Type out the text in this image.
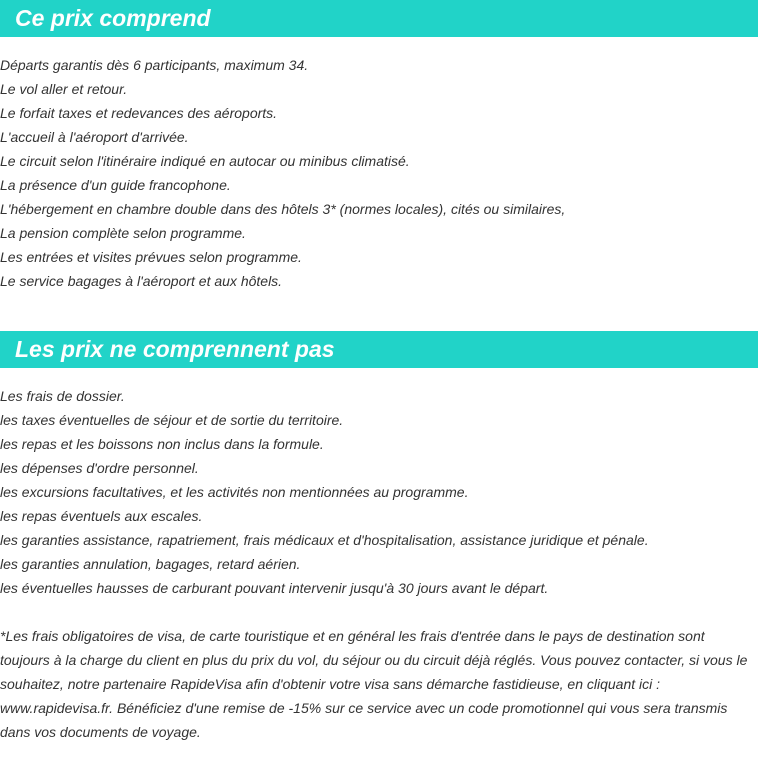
Ce prix comprend
Départs garantis dès 6 participants, maximum 34.
Le vol aller et retour.
Le forfait taxes et redevances des aéroports.
L'accueil à l'aéroport d'arrivée.
Le circuit selon l'itinéraire indiqué en autocar ou minibus climatisé.
La présence d'un guide francophone.
L'hébergement en chambre double dans des hôtels 3* (normes locales), cités ou similaires,
La pension complète selon programme.
Les entrées et visites prévues selon programme.
Le service bagages à l'aéroport et aux hôtels.
Les prix ne comprennent pas
Les frais de dossier.
les taxes éventuelles de séjour et de sortie du territoire.
les repas et les boissons non inclus dans la formule.
les dépenses d'ordre personnel.
les excursions facultatives, et les activités non mentionnées au programme.
les repas éventuels aux escales.
les garanties assistance, rapatriement, frais médicaux et d'hospitalisation, assistance juridique et pénale.
les garanties annulation, bagages, retard aérien.
les éventuelles hausses de carburant pouvant intervenir jusqu'à 30 jours avant le départ.

*Les frais obligatoires de visa, de carte touristique et en général les frais d'entrée dans le pays de destination sont toujours à la charge du client en plus du prix du vol, du séjour ou du circuit déjà réglés. Vous pouvez contacter, si vous le souhaitez, notre partenaire RapideVisa afin d'obtenir votre visa sans démarche fastidieuse, en cliquant ici : www.rapidevisa.fr. Bénéficiez d'une remise de -15% sur ce service avec un code promotionnel qui vous sera transmis dans vos documents de voyage.
